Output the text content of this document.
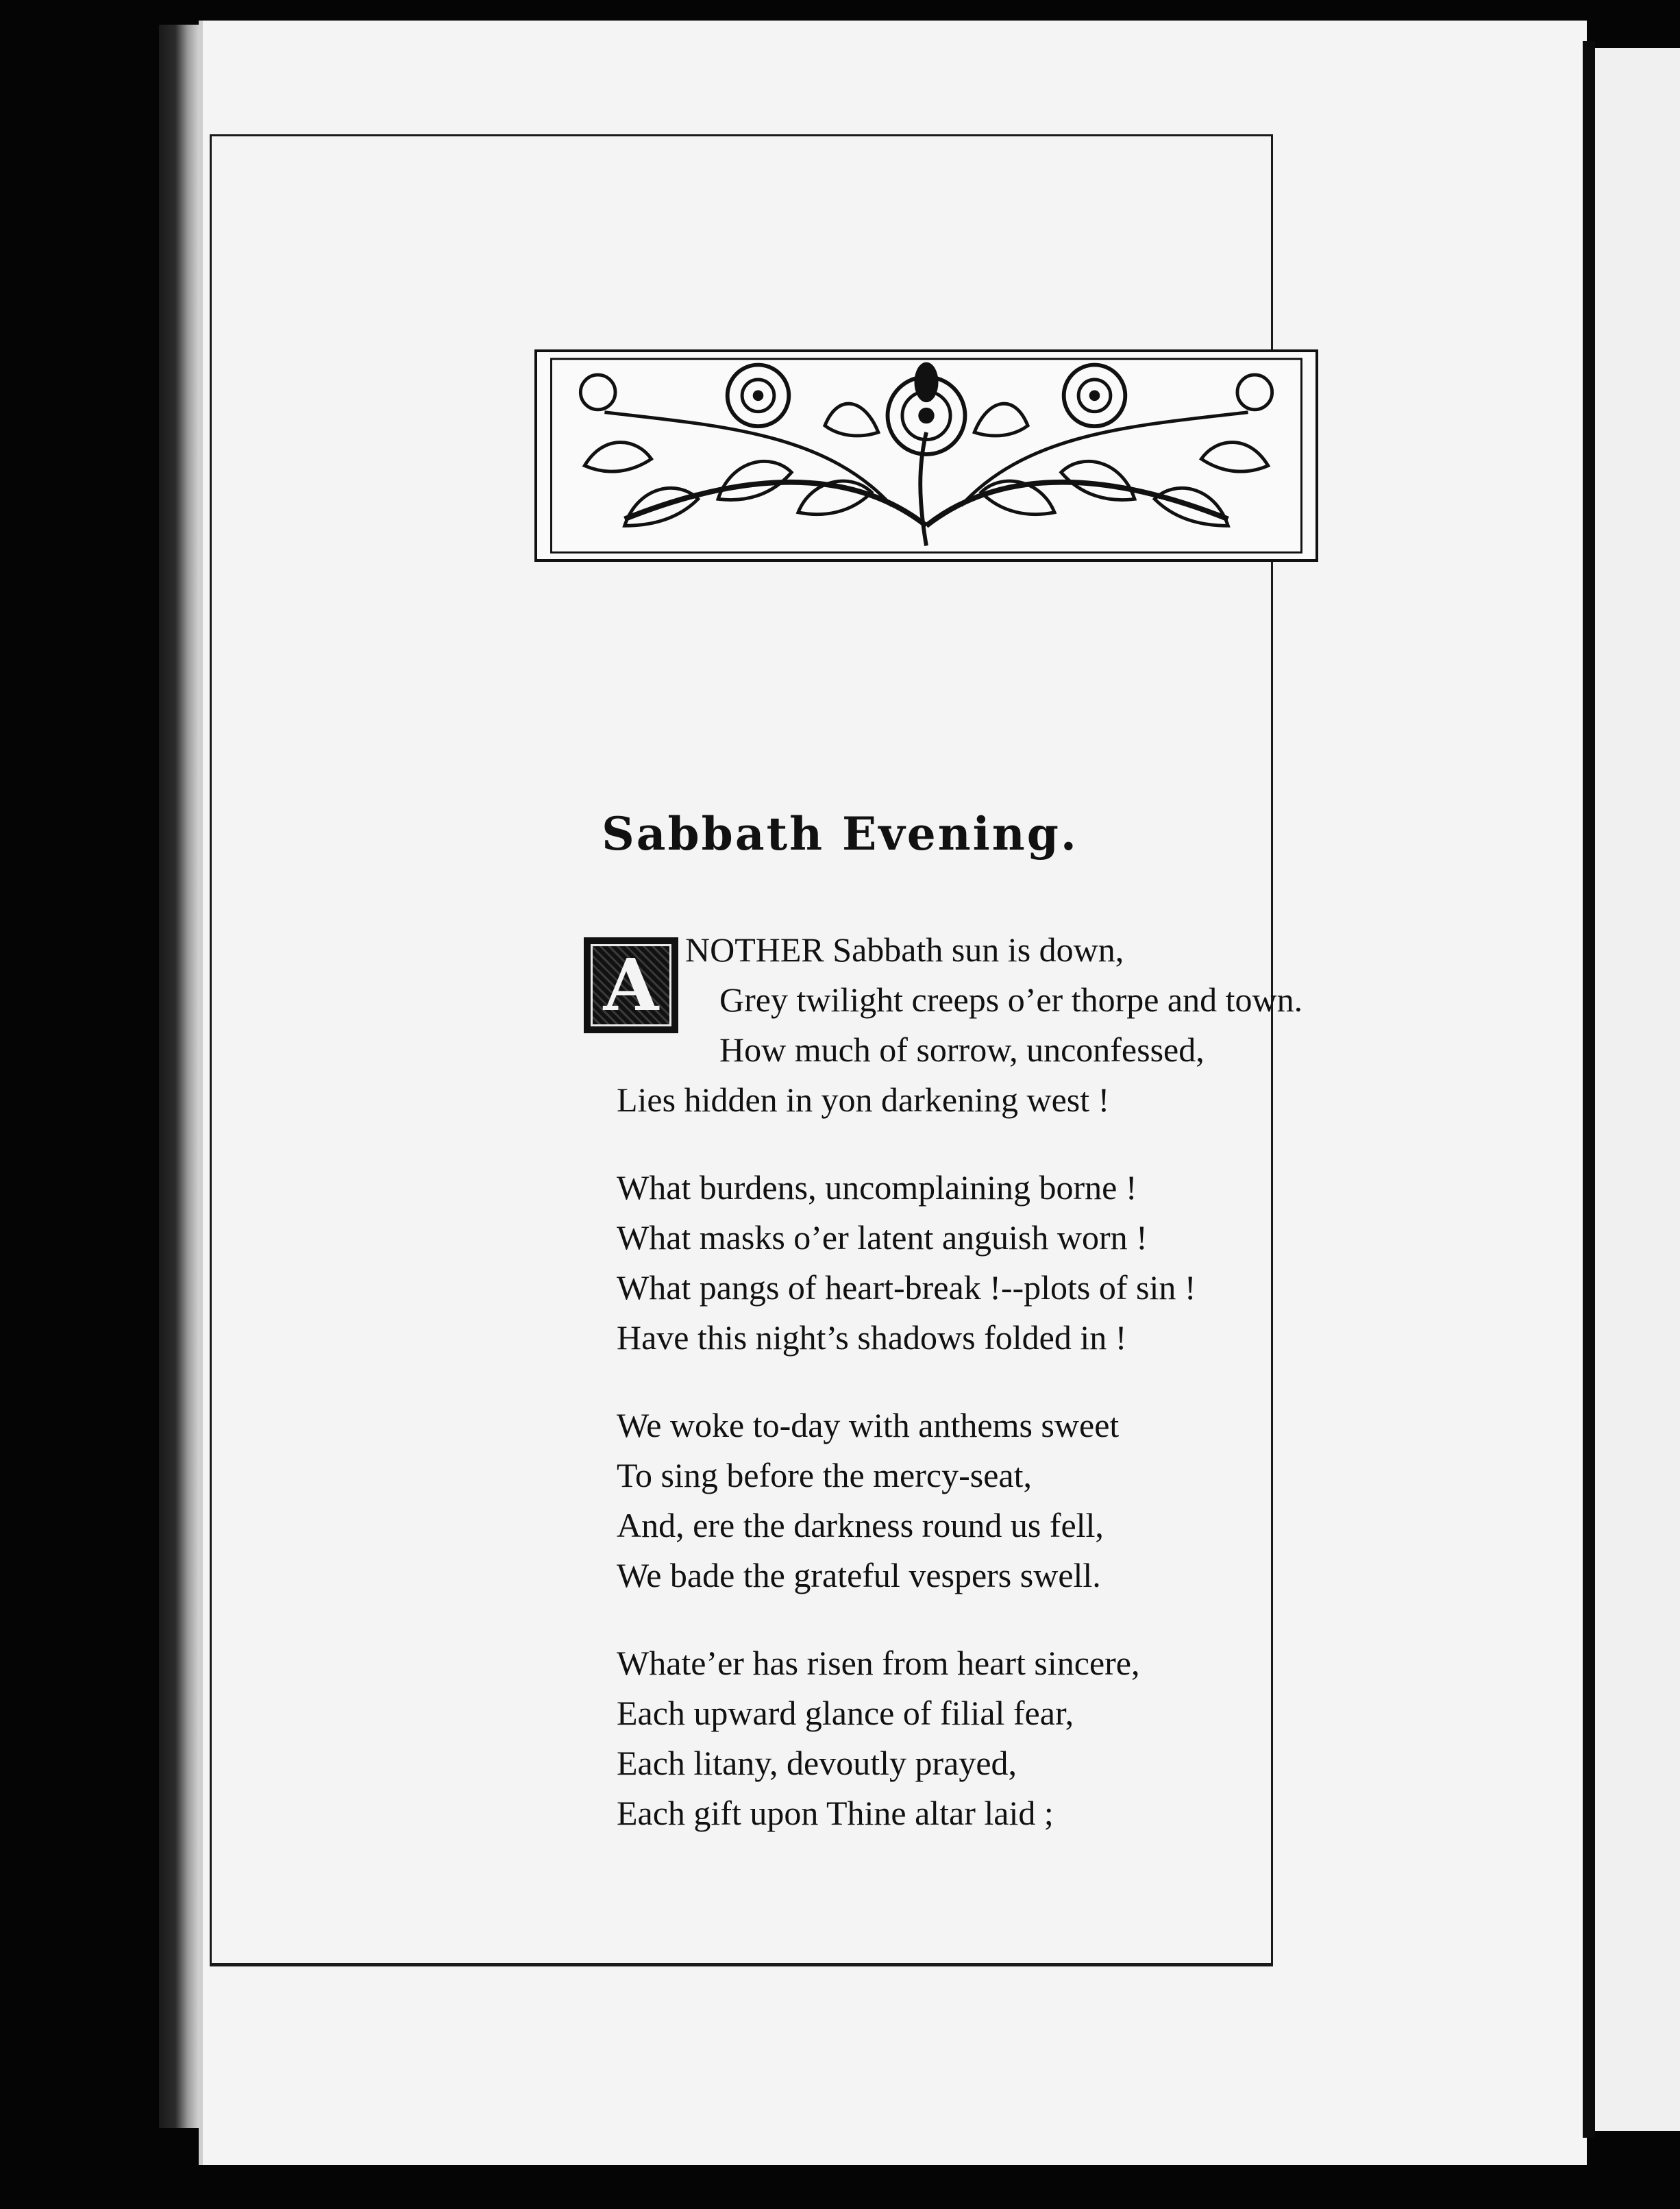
Sabbath Evening.
A NOTHER Sabbath sun is down,
Grey twilight creeps o’er thorpe and town.
How much of sorrow, unconfessed,
Lies hidden in yon darkening west !
What burdens, uncomplaining borne !
What masks o’er latent anguish worn !
What pangs of heart-break !--plots of sin !
Have this night’s shadows folded in !
We woke to-day with anthems sweet
To sing before the mercy-seat,
And, ere the darkness round us fell,
We bade the grateful vespers swell.
Whate’er has risen from heart sincere,
Each upward glance of filial fear,
Each litany, devoutly prayed,
Each gift upon Thine altar laid ;
